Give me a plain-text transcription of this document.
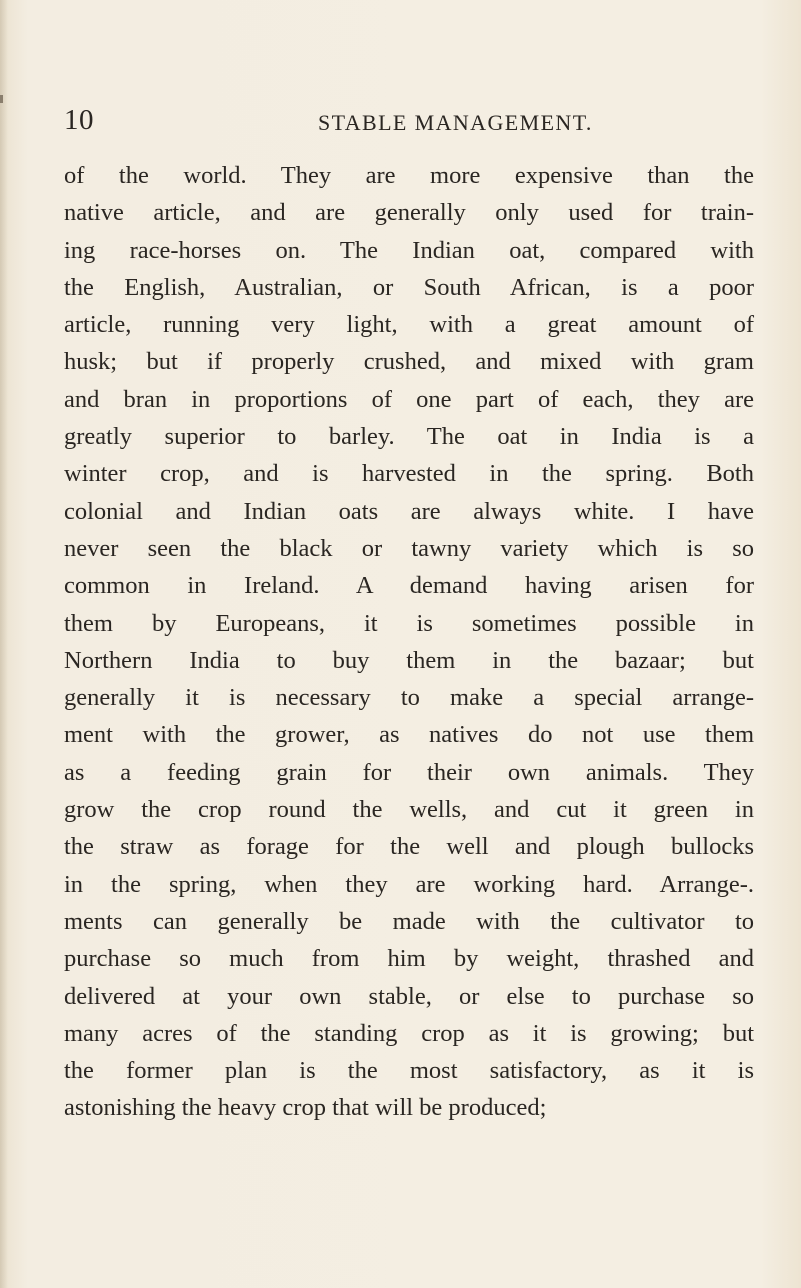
10	STABLE MANAGEMENT.
of the world. They are more expensive than the
native article, and are generally only used for train-
ing race-horses on. The Indian oat, compared with
the English, Australian, or South African, is a poor
article, running very light, with a great amount of
husk; but if properly crushed, and mixed with gram
and bran in proportions of one part of each, they are
greatly superior to barley. The oat in India is a
winter crop, and is harvested in the spring. Both
colonial and Indian oats are always white. I have
never seen the black or tawny variety which is so
common in Ireland. A demand having arisen for
them by Europeans, it is sometimes possible in
Northern India to buy them in the bazaar; but
generally it is necessary to make a special arrange-
ment with the grower, as natives do not use them
as a feeding grain for their own animals. They
grow the crop round the wells, and cut it green in
the straw as forage for the well and plough bullocks
in the spring, when they are working hard. Arrange-.
ments can generally be made with the cultivator to
purchase so much from him by weight, thrashed and
delivered at your own stable, or else to purchase so
many acres of the standing crop as it is growing; but
the former plan is the most satisfactory, as it is
astonishing the heavy crop that will be produced;
